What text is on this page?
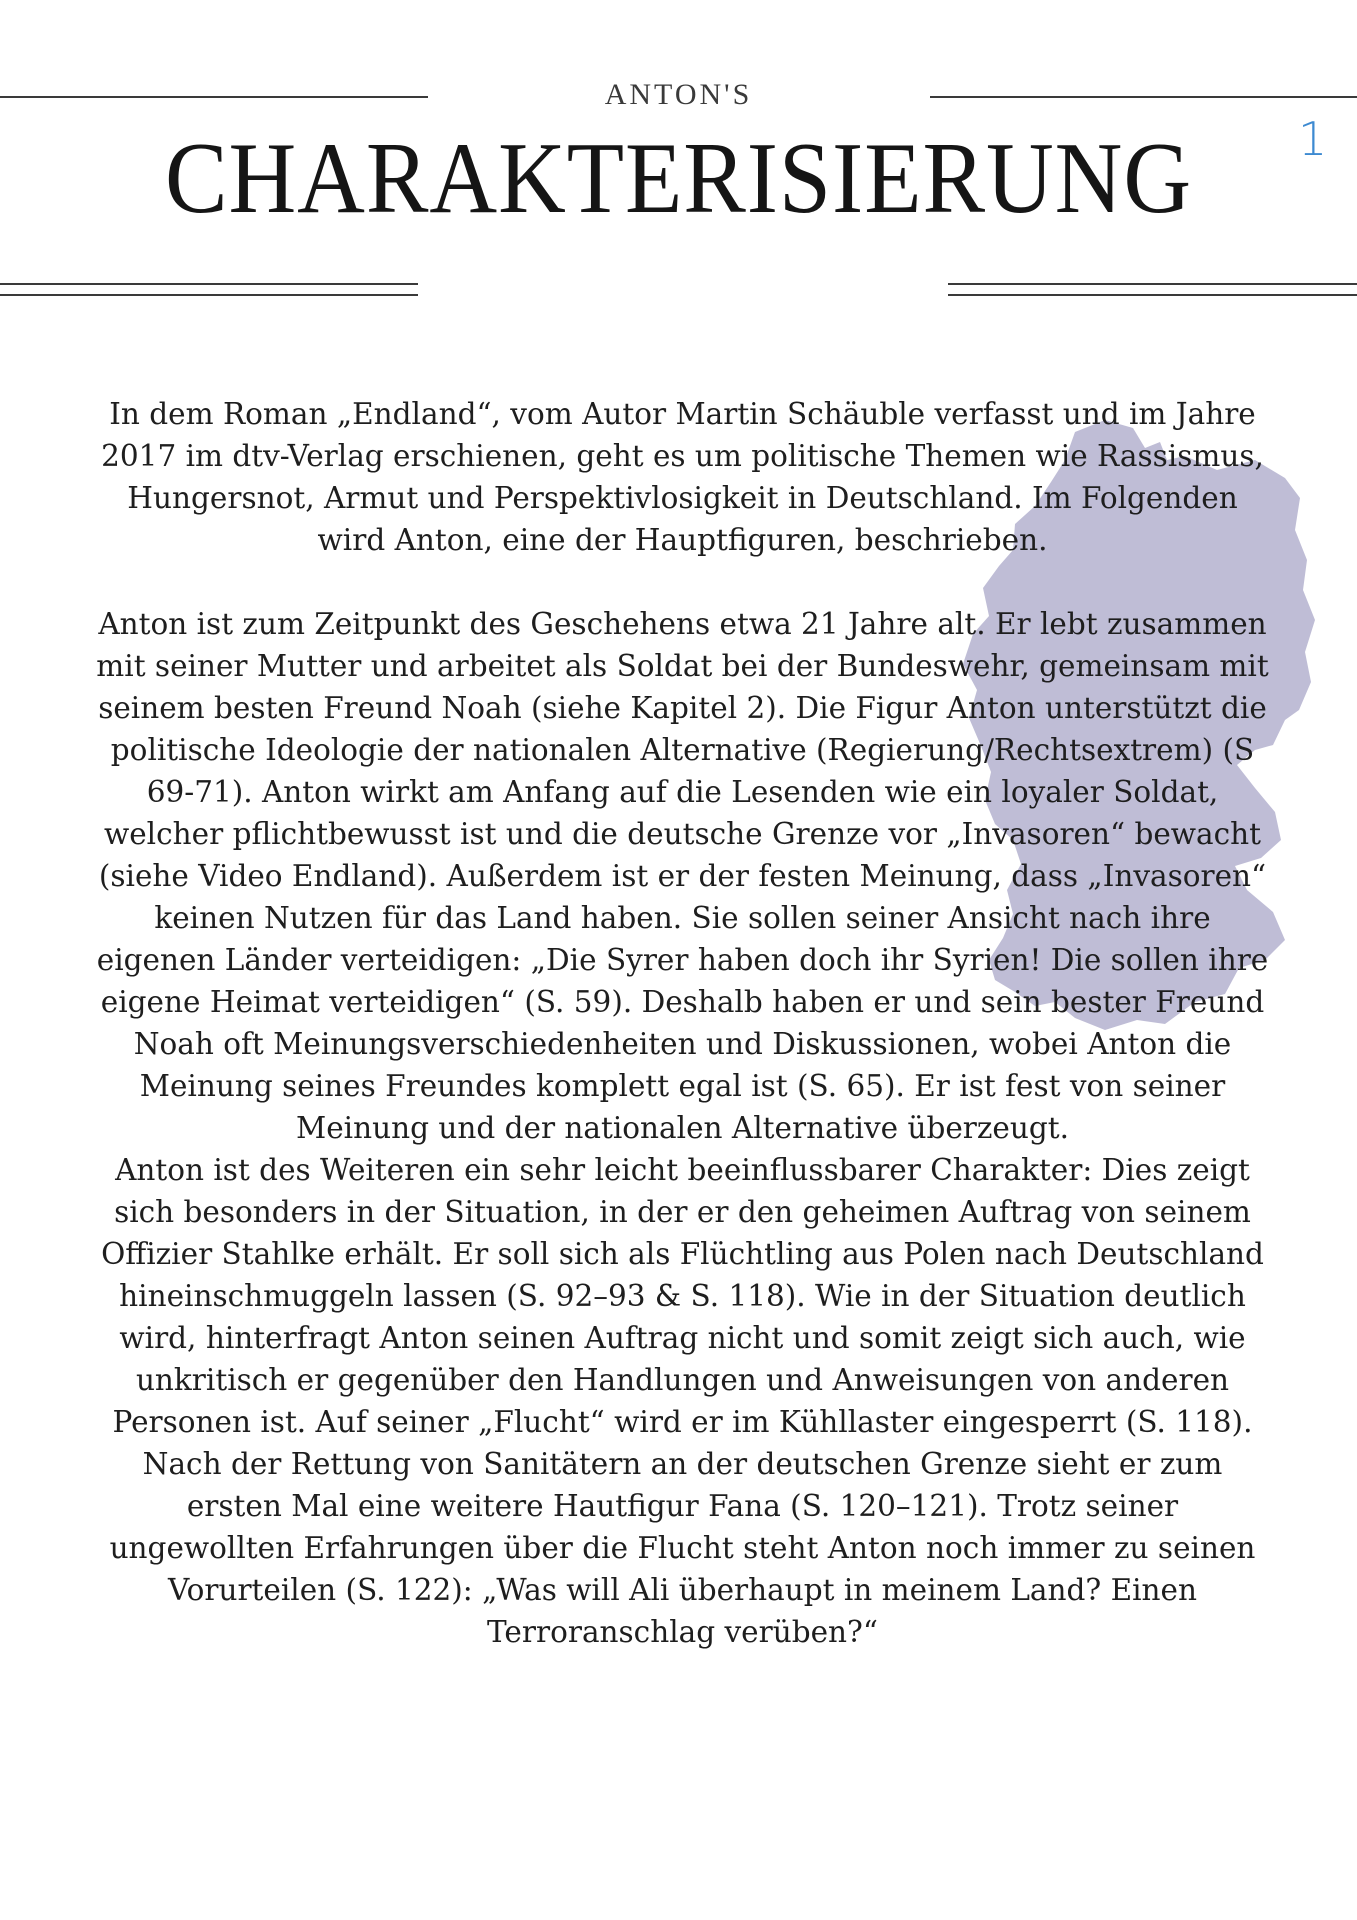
ANTON'S
CHARAKTERISIERUNG	1

In dem Roman „Endland“, vom Autor Martin Schäuble verfasst und im Jahre 2017 im dtv-Verlag erschienen, geht es um politische Themen wie Rassismus, Hungersnot, Armut und Perspektivlosigkeit in Deutschland. Im Folgenden wird Anton, eine der Hauptfiguren, beschrieben.

Anton ist zum Zeitpunkt des Geschehens etwa 21 Jahre alt. Er lebt zusammen mit seiner Mutter und arbeitet als Soldat bei der Bundeswehr, gemeinsam mit seinem besten Freund Noah (siehe Kapitel 2). Die Figur Anton unterstützt die politische Ideologie der nationalen Alternative (Regierung/Rechtsextrem) (S 69-71). Anton wirkt am Anfang auf die Lesenden wie ein loyaler Soldat, welcher pflichtbewusst ist und die deutsche Grenze vor „Invasoren“ bewacht (siehe Video Endland). Außerdem ist er der festen Meinung, dass „Invasoren“ keinen Nutzen für das Land haben. Sie sollen seiner Ansicht nach ihre eigenen Länder verteidigen: „Die Syrer haben doch ihr Syrien! Die sollen ihre eigene Heimat verteidigen“ (S. 59). Deshalb haben er und sein bester Freund Noah oft Meinungsverschiedenheiten und Diskussionen, wobei Anton die Meinung seines Freundes komplett egal ist (S. 65). Er ist fest von seiner Meinung und der nationalen Alternative überzeugt.

Anton ist des Weiteren ein sehr leicht beeinflussbarer Charakter: Dies zeigt sich besonders in der Situation, in der er den geheimen Auftrag von seinem Offizier Stahlke erhält. Er soll sich als Flüchtling aus Polen nach Deutschland hineinschmuggeln lassen (S. 92–93 & S. 118). Wie in der Situation deutlich wird, hinterfragt Anton seinen Auftrag nicht und somit zeigt sich auch, wie unkritisch er gegenüber den Handlungen und Anweisungen von anderen Personen ist. Auf seiner „Flucht“ wird er im Kühllaster eingesperrt (S. 118). Nach der Rettung von Sanitätern an der deutschen Grenze sieht er zum ersten Mal eine weitere Hautfigur Fana (S. 120–121). Trotz seiner ungewollten Erfahrungen über die Flucht steht Anton noch immer zu seinen Vorurteilen (S. 122): „Was will Ali überhaupt in meinem Land? Einen Terroranschlag verüben?“
